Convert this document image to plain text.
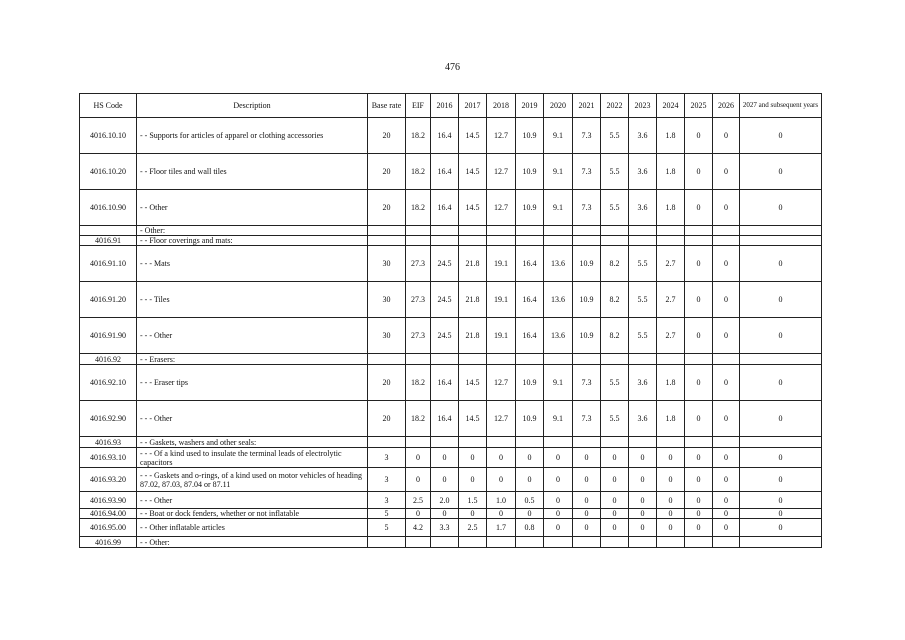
476
HS Code	Description	Base rate	EIF	2016	2017	2018	2019	2020	2021	2022	2023	2024	2025	2026	2027 and subsequent years
4016.10.10	- - Supports for articles of apparel or clothing accessories	20	18.2	16.4	14.5	12.7	10.9	9.1	7.3	5.5	3.6	1.8	0	0	0
4016.10.20	- - Floor tiles and wall tiles	20	18.2	16.4	14.5	12.7	10.9	9.1	7.3	5.5	3.6	1.8	0	0	0
4016.10.90	- - Other	20	18.2	16.4	14.5	12.7	10.9	9.1	7.3	5.5	3.6	1.8	0	0	0
	- Other:														
4016.91	- - Floor coverings and mats:														
4016.91.10	- - - Mats	30	27.3	24.5	21.8	19.1	16.4	13.6	10.9	8.2	5.5	2.7	0	0	0
4016.91.20	- - - Tiles	30	27.3	24.5	21.8	19.1	16.4	13.6	10.9	8.2	5.5	2.7	0	0	0
4016.91.90	- - - Other	30	27.3	24.5	21.8	19.1	16.4	13.6	10.9	8.2	5.5	2.7	0	0	0
4016.92	- - Erasers:														
4016.92.10	- - - Eraser tips	20	18.2	16.4	14.5	12.7	10.9	9.1	7.3	5.5	3.6	1.8	0	0	0
4016.92.90	- - - Other	20	18.2	16.4	14.5	12.7	10.9	9.1	7.3	5.5	3.6	1.8	0	0	0
4016.93	- - Gaskets, washers and other seals:														
4016.93.10	- - - Of a kind used to insulate the terminal leads of electrolytic capacitors	3	0	0	0	0	0	0	0	0	0	0	0	0	0
4016.93.20	- - - Gaskets and o-rings, of a kind used on motor vehicles of heading 87.02, 87.03, 87.04 or 87.11	3	0	0	0	0	0	0	0	0	0	0	0	0	0
4016.93.90	- - - Other	3	2.5	2.0	1.5	1.0	0.5	0	0	0	0	0	0	0	0
4016.94.00	- - Boat or dock fenders, whether or not inflatable	5	0	0	0	0	0	0	0	0	0	0	0	0	0
4016.95.00	- - Other inflatable articles	5	4.2	3.3	2.5	1.7	0.8	0	0	0	0	0	0	0	0
4016.99	- - Other:														
